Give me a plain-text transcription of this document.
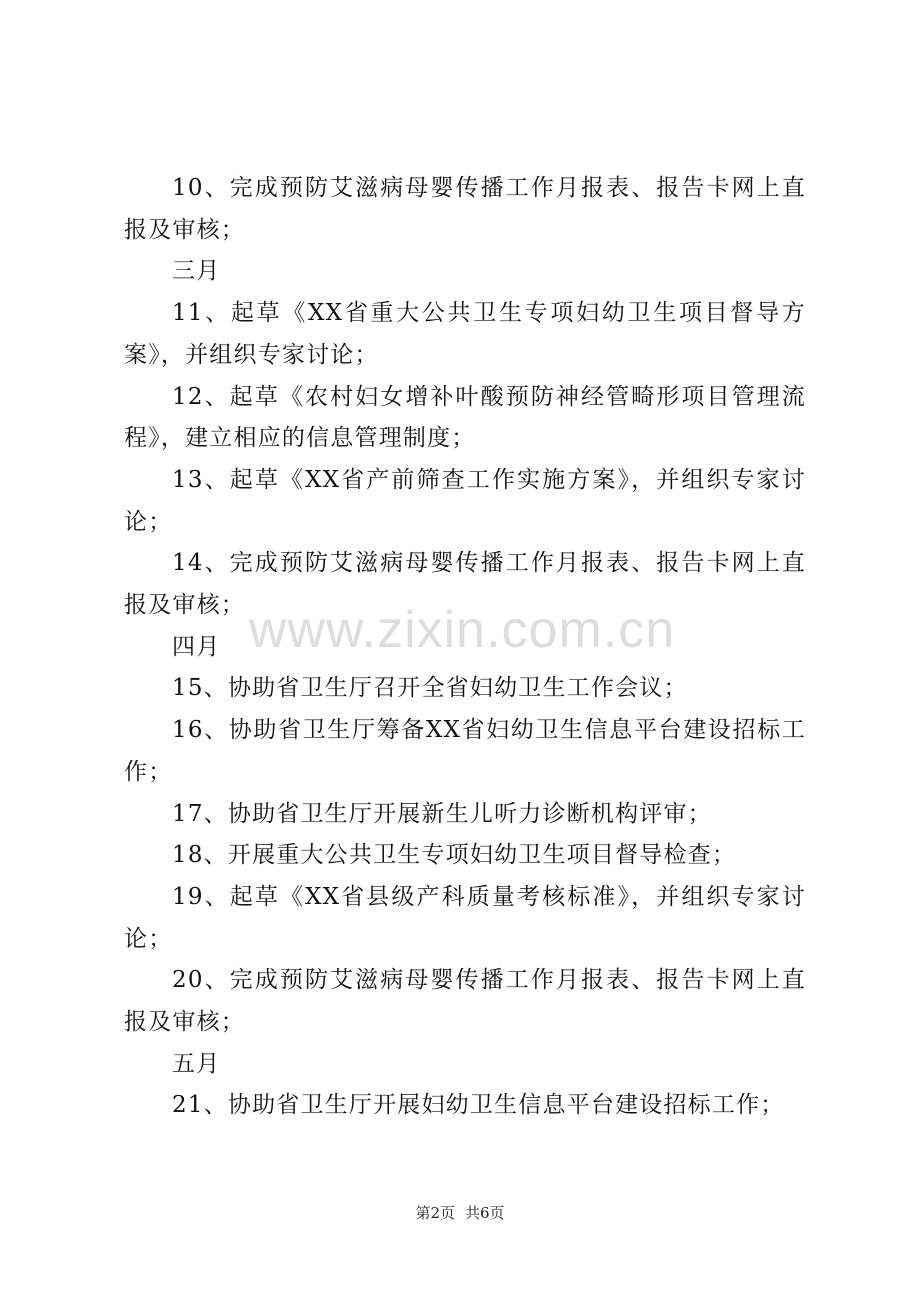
10、完成预防艾滋病母婴传播工作月报表、报告卡网上直报及审核；

三月

11、起草《XX省重大公共卫生专项妇幼卫生项目督导方案》，并组织专家讨论；

12、起草《农村妇女增补叶酸预防神经管畸形项目管理流程》，建立相应的信息管理制度；

13、起草《XX省产前筛查工作实施方案》，并组织专家讨论；

14、完成预防艾滋病母婴传播工作月报表、报告卡网上直报及审核；

四月

15、协助省卫生厅召开全省妇幼卫生工作会议；

16、协助省卫生厅筹备XX省妇幼卫生信息平台建设招标工作；

17、协助省卫生厅开展新生儿听力诊断机构评审；

18、开展重大公共卫生专项妇幼卫生项目督导检查；

19、起草《XX省县级产科质量考核标准》，并组织专家讨论；

20、完成预防艾滋病母婴传播工作月报表、报告卡网上直报及审核；

五月

21、协助省卫生厅开展妇幼卫生信息平台建设招标工作；

www.zixin.com.cn
第2页 共6页
